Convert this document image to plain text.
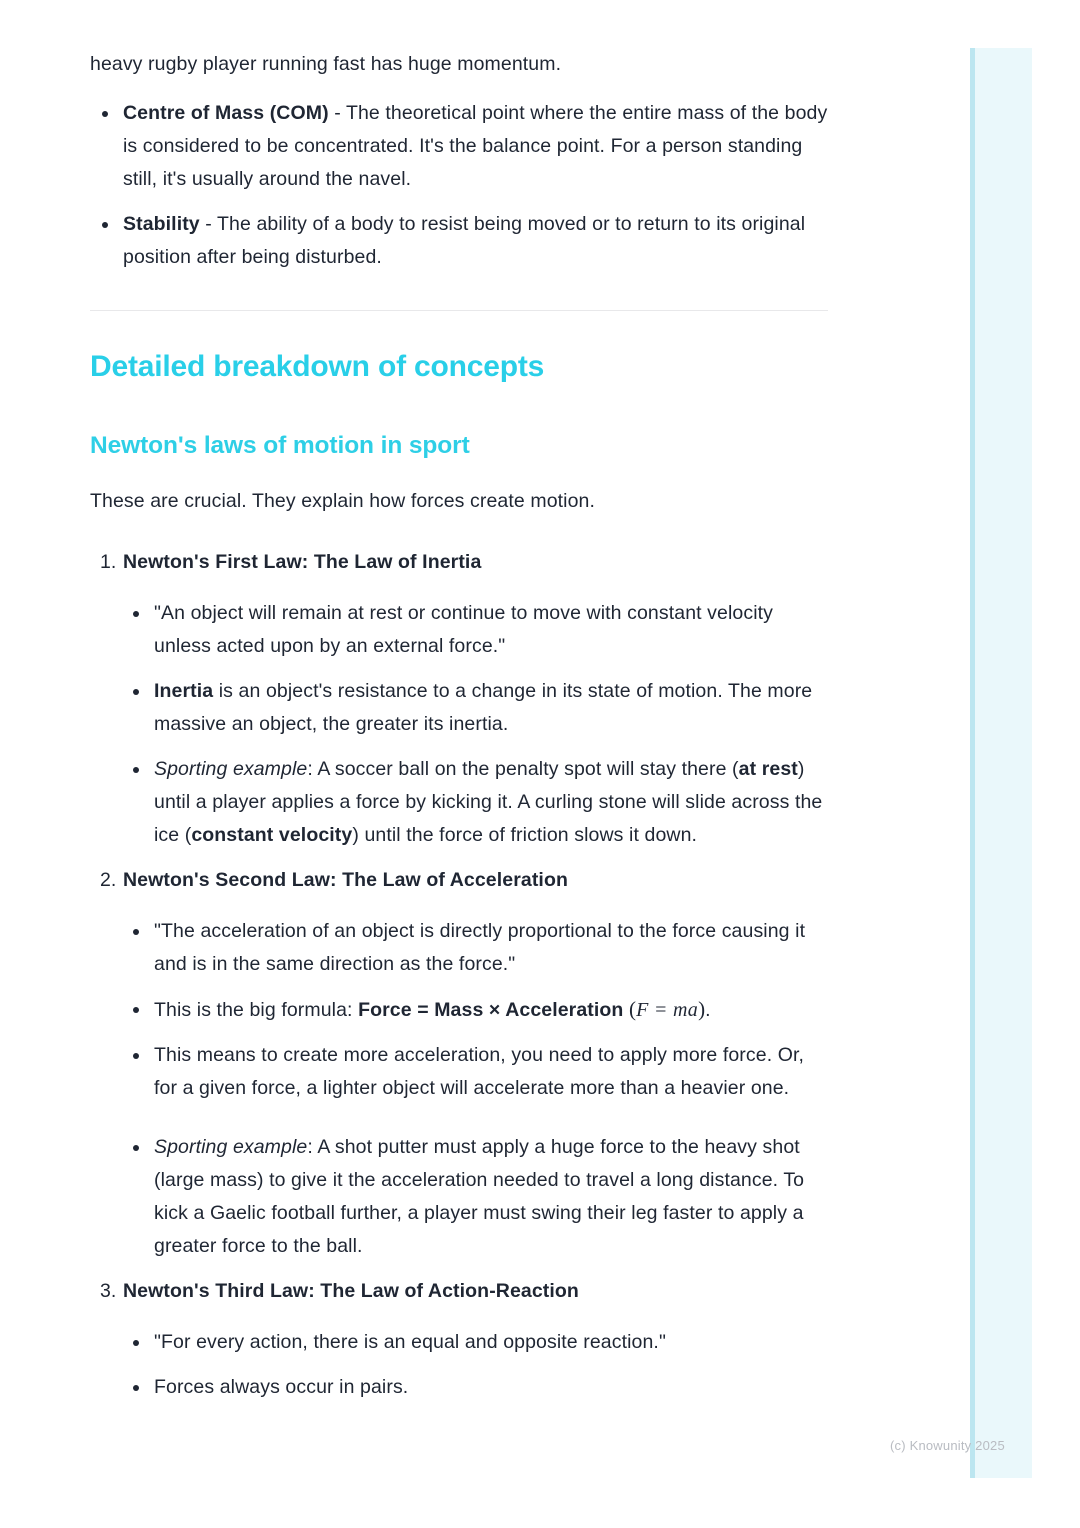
heavy rugby player running fast has huge momentum.

Centre of Mass (COM) - The theoretical point where the entire mass of the body is considered to be concentrated. It's the balance point. For a person standing still, it's usually around the navel.
Stability - The ability of a body to resist being moved or to return to its original position after being disturbed.
Detailed breakdown of concepts
Newton's laws of motion in sport

These are crucial. They explain how forces create motion.

Newton's First Law: The Law of Inertia
"An object will remain at rest or continue to move with constant velocity unless acted upon by an external force."
Inertia is an object's resistance to a change in its state of motion. The more massive an object, the greater its inertia.
Sporting example: A soccer ball on the penalty spot will stay there (at rest) until a player applies a force by kicking it. A curling stone will slide across the ice (constant velocity) until the force of friction slows it down.
Newton's Second Law: The Law of Acceleration
"The acceleration of an object is directly proportional to the force causing it and is in the same direction as the force."
This is the big formula: Force = Mass × Acceleration (F = ma).
This means to create more acceleration, you need to apply more force. Or, for a given force, a lighter object will accelerate more than a heavier one.
Sporting example: A shot putter must apply a huge force to the heavy shot (large mass) to give it the acceleration needed to travel a long distance. To kick a Gaelic football further, a player must swing their leg faster to apply a greater force to the ball.
Newton's Third Law: The Law of Action-Reaction
"For every action, there is an equal and opposite reaction."
Forces always occur in pairs.
(c) Knowunity 2025
